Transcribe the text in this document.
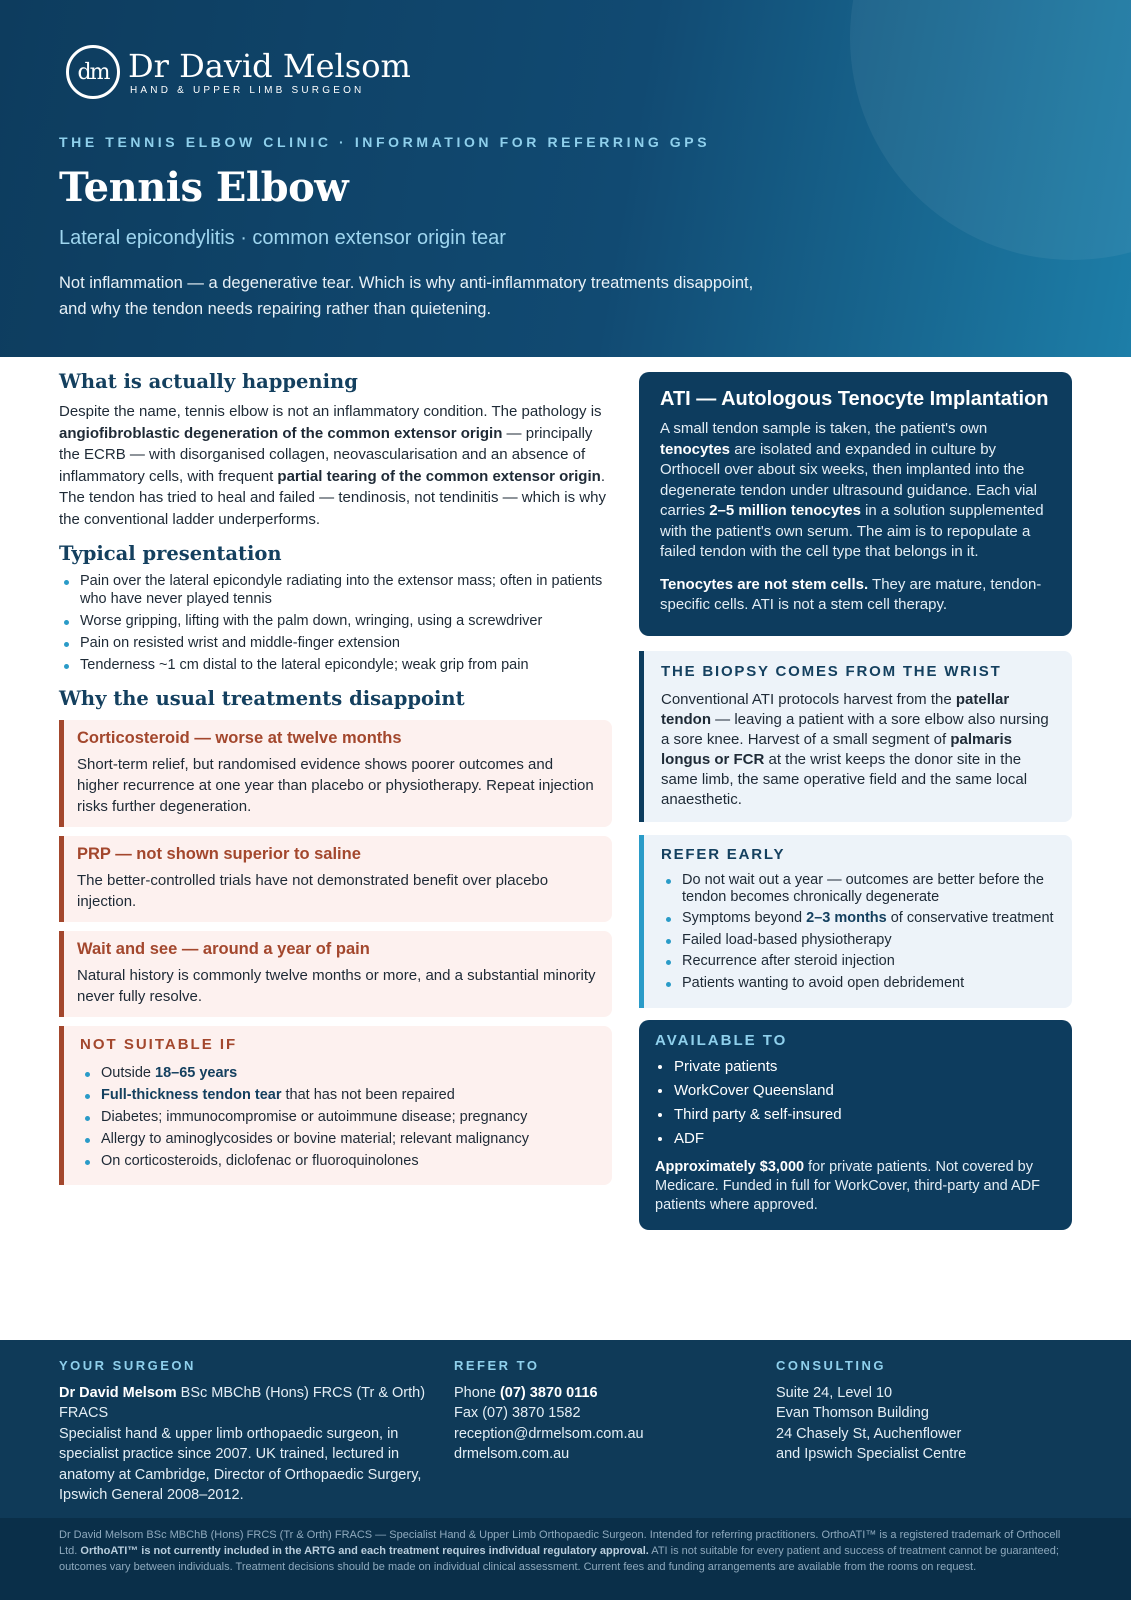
dm Dr David Melsom
HAND & UPPER LIMB SURGEON
THE TENNIS ELBOW CLINIC · INFORMATION FOR REFERRING GPS
Tennis Elbow
Lateral epicondylitis · common extensor origin tear
Not inflammation — a degenerative tear. Which is why anti-inflammatory treatments disappoint, and why the tendon needs repairing rather than quietening.
What is actually happening
Despite the name, tennis elbow is not an inflammatory condition. The pathology is angiofibroblastic degeneration of the common extensor origin — principally the ECRB — with disorganised collagen, neovascularisation and an absence of inflammatory cells, with frequent partial tearing of the common extensor origin. The tendon has tried to heal and failed — tendinosis, not tendinitis — which is why the conventional ladder underperforms.
Typical presentation
Pain over the lateral epicondyle radiating into the extensor mass; often in patients who have never played tennis
Worse gripping, lifting with the palm down, wringing, using a screwdriver
Pain on resisted wrist and middle-finger extension
Tenderness ~1 cm distal to the lateral epicondyle; weak grip from pain
Why the usual treatments disappoint
Corticosteroid — worse at twelve months
Short-term relief, but randomised evidence shows poorer outcomes and higher recurrence at one year than placebo or physiotherapy. Repeat injection risks further degeneration.
PRP — not shown superior to saline
The better-controlled trials have not demonstrated benefit over placebo injection.
Wait and see — around a year of pain
Natural history is commonly twelve months or more, and a substantial minority never fully resolve.
NOT SUITABLE IF
Outside 18–65 years
Full-thickness tendon tear that has not been repaired
Diabetes; immunocompromise or autoimmune disease; pregnancy
Allergy to aminoglycosides or bovine material; relevant malignancy
On corticosteroids, diclofenac or fluoroquinolones
ATI — Autologous Tenocyte Implantation
A small tendon sample is taken, the patient's own tenocytes are isolated and expanded in culture by Orthocell over about six weeks, then implanted into the degenerate tendon under ultrasound guidance. Each vial carries 2–5 million tenocytes in a solution supplemented with the patient's own serum. The aim is to repopulate a failed tendon with the cell type that belongs in it.
Tenocytes are not stem cells. They are mature, tendon-specific cells. ATI is not a stem cell therapy.
THE BIOPSY COMES FROM THE WRIST
Conventional ATI protocols harvest from the patellar tendon — leaving a patient with a sore elbow also nursing a sore knee. Harvest of a small segment of palmaris longus or FCR at the wrist keeps the donor site in the same limb, the same operative field and the same local anaesthetic.
REFER EARLY
Do not wait out a year — outcomes are better before the tendon becomes chronically degenerate
Symptoms beyond 2–3 months of conservative treatment
Failed load-based physiotherapy
Recurrence after steroid injection
Patients wanting to avoid open debridement
AVAILABLE TO
Private patients
WorkCover Queensland
Third party & self-insured
ADF
Approximately $3,000 for private patients. Not covered by Medicare. Funded in full for WorkCover, third-party and ADF patients where approved.
YOUR SURGEON
Dr David Melsom BSc MBChB (Hons) FRCS (Tr & Orth) FRACS
Specialist hand & upper limb orthopaedic surgeon, in specialist practice since 2007. UK trained, lectured in anatomy at Cambridge, Director of Orthopaedic Surgery, Ipswich General 2008–2012.
REFER TO
Phone (07) 3870 0116
Fax (07) 3870 1582
reception@drmelsom.com.au
drmelsom.com.au
CONSULTING
Suite 24, Level 10
Evan Thomson Building
24 Chasely St, Auchenflower
and Ipswich Specialist Centre
Dr David Melsom BSc MBChB (Hons) FRCS (Tr & Orth) FRACS — Specialist Hand & Upper Limb Orthopaedic Surgeon. Intended for referring practitioners. OrthoATI™ is a registered trademark of Orthocell Ltd. OrthoATI™ is not currently included in the ARTG and each treatment requires individual regulatory approval. ATI is not suitable for every patient and success of treatment cannot be guaranteed; outcomes vary between individuals. Treatment decisions should be made on individual clinical assessment. Current fees and funding arrangements are available from the rooms on request.
